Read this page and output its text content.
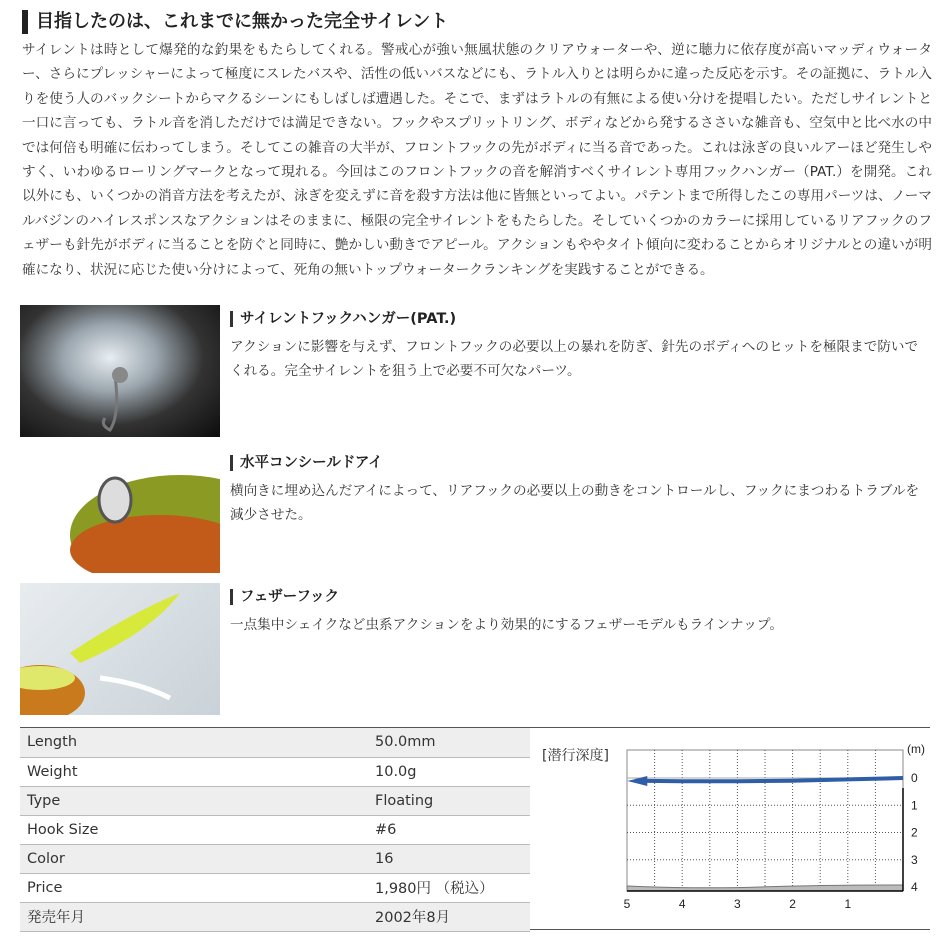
目指したのは、これまでに無かった完全サイレント

サイレントは時として爆発的な釣果をもたらしてくれる。警戒心が強い無風状態のクリアウォーターや、逆に聴力に依存度が高いマッディウォーター、さらにプレッシャーによって極度にスレたバスや、活性の低いバスなどにも、ラトル入りとは明らかに違った反応を示す。その証拠に、ラトル入りを使う人のバックシートからマクるシーンにもしばしば遭遇した。そこで、まずはラトルの有無による使い分けを提唱したい。ただしサイレントと一口に言っても、ラトル音を消しただけでは満足できない。フックやスプリットリング、ボディなどから発するささいな雑音も、空気中と比べ水の中では何倍も明確に伝わってしまう。そしてこの雑音の大半が、フロントフックの先がボディに当る音であった。これは泳ぎの良いルアーほど発生しやすく、いわゆるローリングマークとなって現れる。今回はこのフロントフックの音を解消すべくサイレント専用フックハンガー（PAT.）を開発。これ以外にも、いくつかの消音方法を考えたが、泳ぎを変えずに音を殺す方法は他に皆無といってよい。パテントまで所得したこの専用パーツは、ノーマルバジンのハイレスポンスなアクションはそのままに、極限の完全サイレントをもたらした。そしていくつかのカラーに採用しているリアフックのフェザーも針先がボディに当ることを防ぐと同時に、艶かしい動きでアピール。アクションもややタイト傾向に変わることからオリジナルとの違いが明確になり、状況に応じた使い分けによって、死角の無いトップウォータークランキングを実践することができる。

サイレントフックハンガー(PAT.)

アクションに影響を与えず、フロントフックの必要以上の暴れを防ぎ、針先のボディへのヒットを極限まで防いでくれる。完全サイレントを狙う上で必要不可欠なパーツ。

水平コンシールドアイ

横向きに埋め込んだアイによって、リアフックの必要以上の動きをコントロールし、フックにまつわるトラブルを減少させた。

フェザーフック

一点集中シェイクなど虫系アクションをより効果的にするフェザーモデルもラインナップ。

Length	50.0mm
Weight	10.0g
Type	Floating
Hook Size	#6
Color	16
Price	1,980円 （税込）
発売年月	2002年8月
[潜行深度]
5	4	3	2	1
0
1
2
3
4
(m)
